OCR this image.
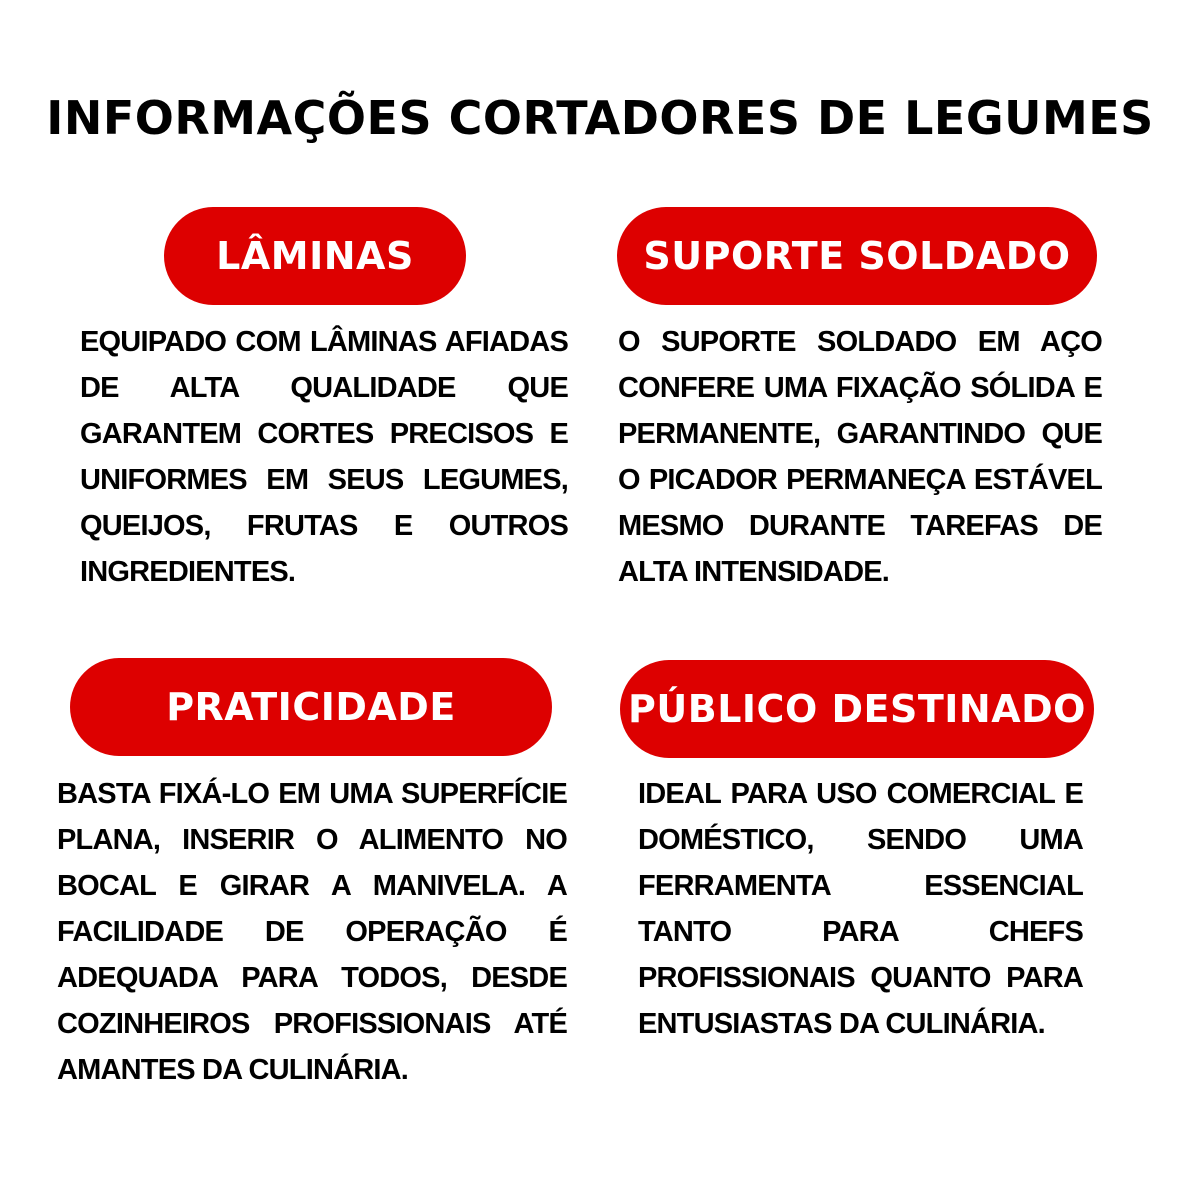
INFORMAÇÕES CORTADORES DE LEGUMES
LÂMINAS

EQUIPADO COM LÂMINAS AFIADAS DE ALTA QUALIDADE QUE GARANTEM CORTES PRECISOS E UNIFORMES EM SEUS LEGUMES, QUEIJOS, FRUTAS E OUTROS INGREDIENTES.

SUPORTE SOLDADO

O SUPORTE SOLDADO EM AÇO CONFERE UMA FIXAÇÃO SÓLIDA E PERMANENTE, GARANTINDO QUE O PICADOR PERMANEÇA ESTÁVEL MESMO DURANTE TAREFAS DE ALTA INTENSIDADE.

PRATICIDADE

BASTA FIXÁ-LO EM UMA SUPERFÍCIE PLANA, INSERIR O ALIMENTO NO BOCAL E GIRAR A MANIVELA. A FACILIDADE DE OPERAÇÃO É ADEQUADA PARA TODOS, DESDE COZINHEIROS PROFISSIONAIS ATÉ AMANTES DA CULINÁRIA.

PÚBLICO DESTINADO

IDEAL PARA USO COMERCIAL E DOMÉSTICO, SENDO UMA FERRAMENTA ESSENCIAL TANTO PARA CHEFS PROFISSIONAIS QUANTO PARA ENTUSIASTAS DA CULINÁRIA.
